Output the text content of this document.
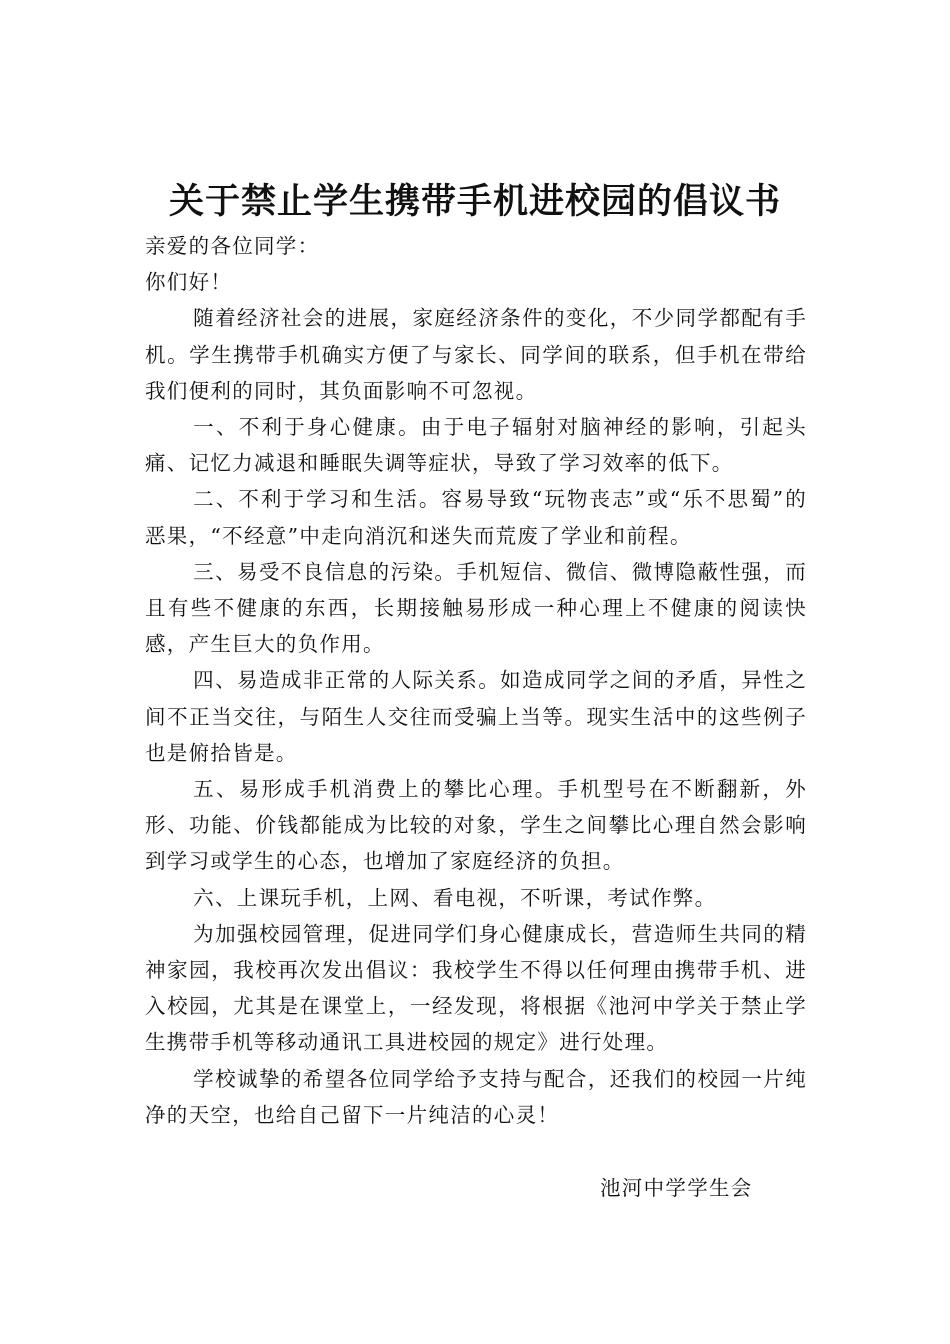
关于禁止学生携带手机进校园的倡议书

亲爱的各位同学：

你们好！

随着经济社会的进展，家庭经济条件的变化，不少同学都配有手机。学生携带手机确实方便了与家长、同学间的联系，但手机在带给我们便利的同时，其负面影响不可忽视。

一、不利于身心健康。由于电子辐射对脑神经的影响，引起头痛、记忆力减退和睡眠失调等症状，导致了学习效率的低下。

二、不利于学习和生活。容易导致“玩物丧志”或“乐不思蜀”的恶果，“不经意”中走向消沉和迷失而荒废了学业和前程。

三、易受不良信息的污染。手机短信、微信、微博隐蔽性强，而且有些不健康的东西，长期接触易形成一种心理上不健康的阅读快感，产生巨大的负作用。

四、易造成非正常的人际关系。如造成同学之间的矛盾，异性之间不正当交往，与陌生人交往而受骗上当等。现实生活中的这些例子也是俯拾皆是。

五、易形成手机消费上的攀比心理。手机型号在不断翻新，外形、功能、价钱都能成为比较的对象，学生之间攀比心理自然会影响到学习或学生的心态，也增加了家庭经济的负担。

六、上课玩手机，上网、看电视，不听课，考试作弊。

为加强校园管理，促进同学们身心健康成长，营造师生共同的精神家园，我校再次发出倡议：我校学生不得以任何理由携带手机、进入校园，尤其是在课堂上，一经发现，将根据《池河中学关于禁止学生携带手机等移动通讯工具进校园的规定》进行处理。

学校诚挚的希望各位同学给予支持与配合，还我们的校园一片纯净的天空，也给自己留下一片纯洁的心灵！

池河中学学生会
